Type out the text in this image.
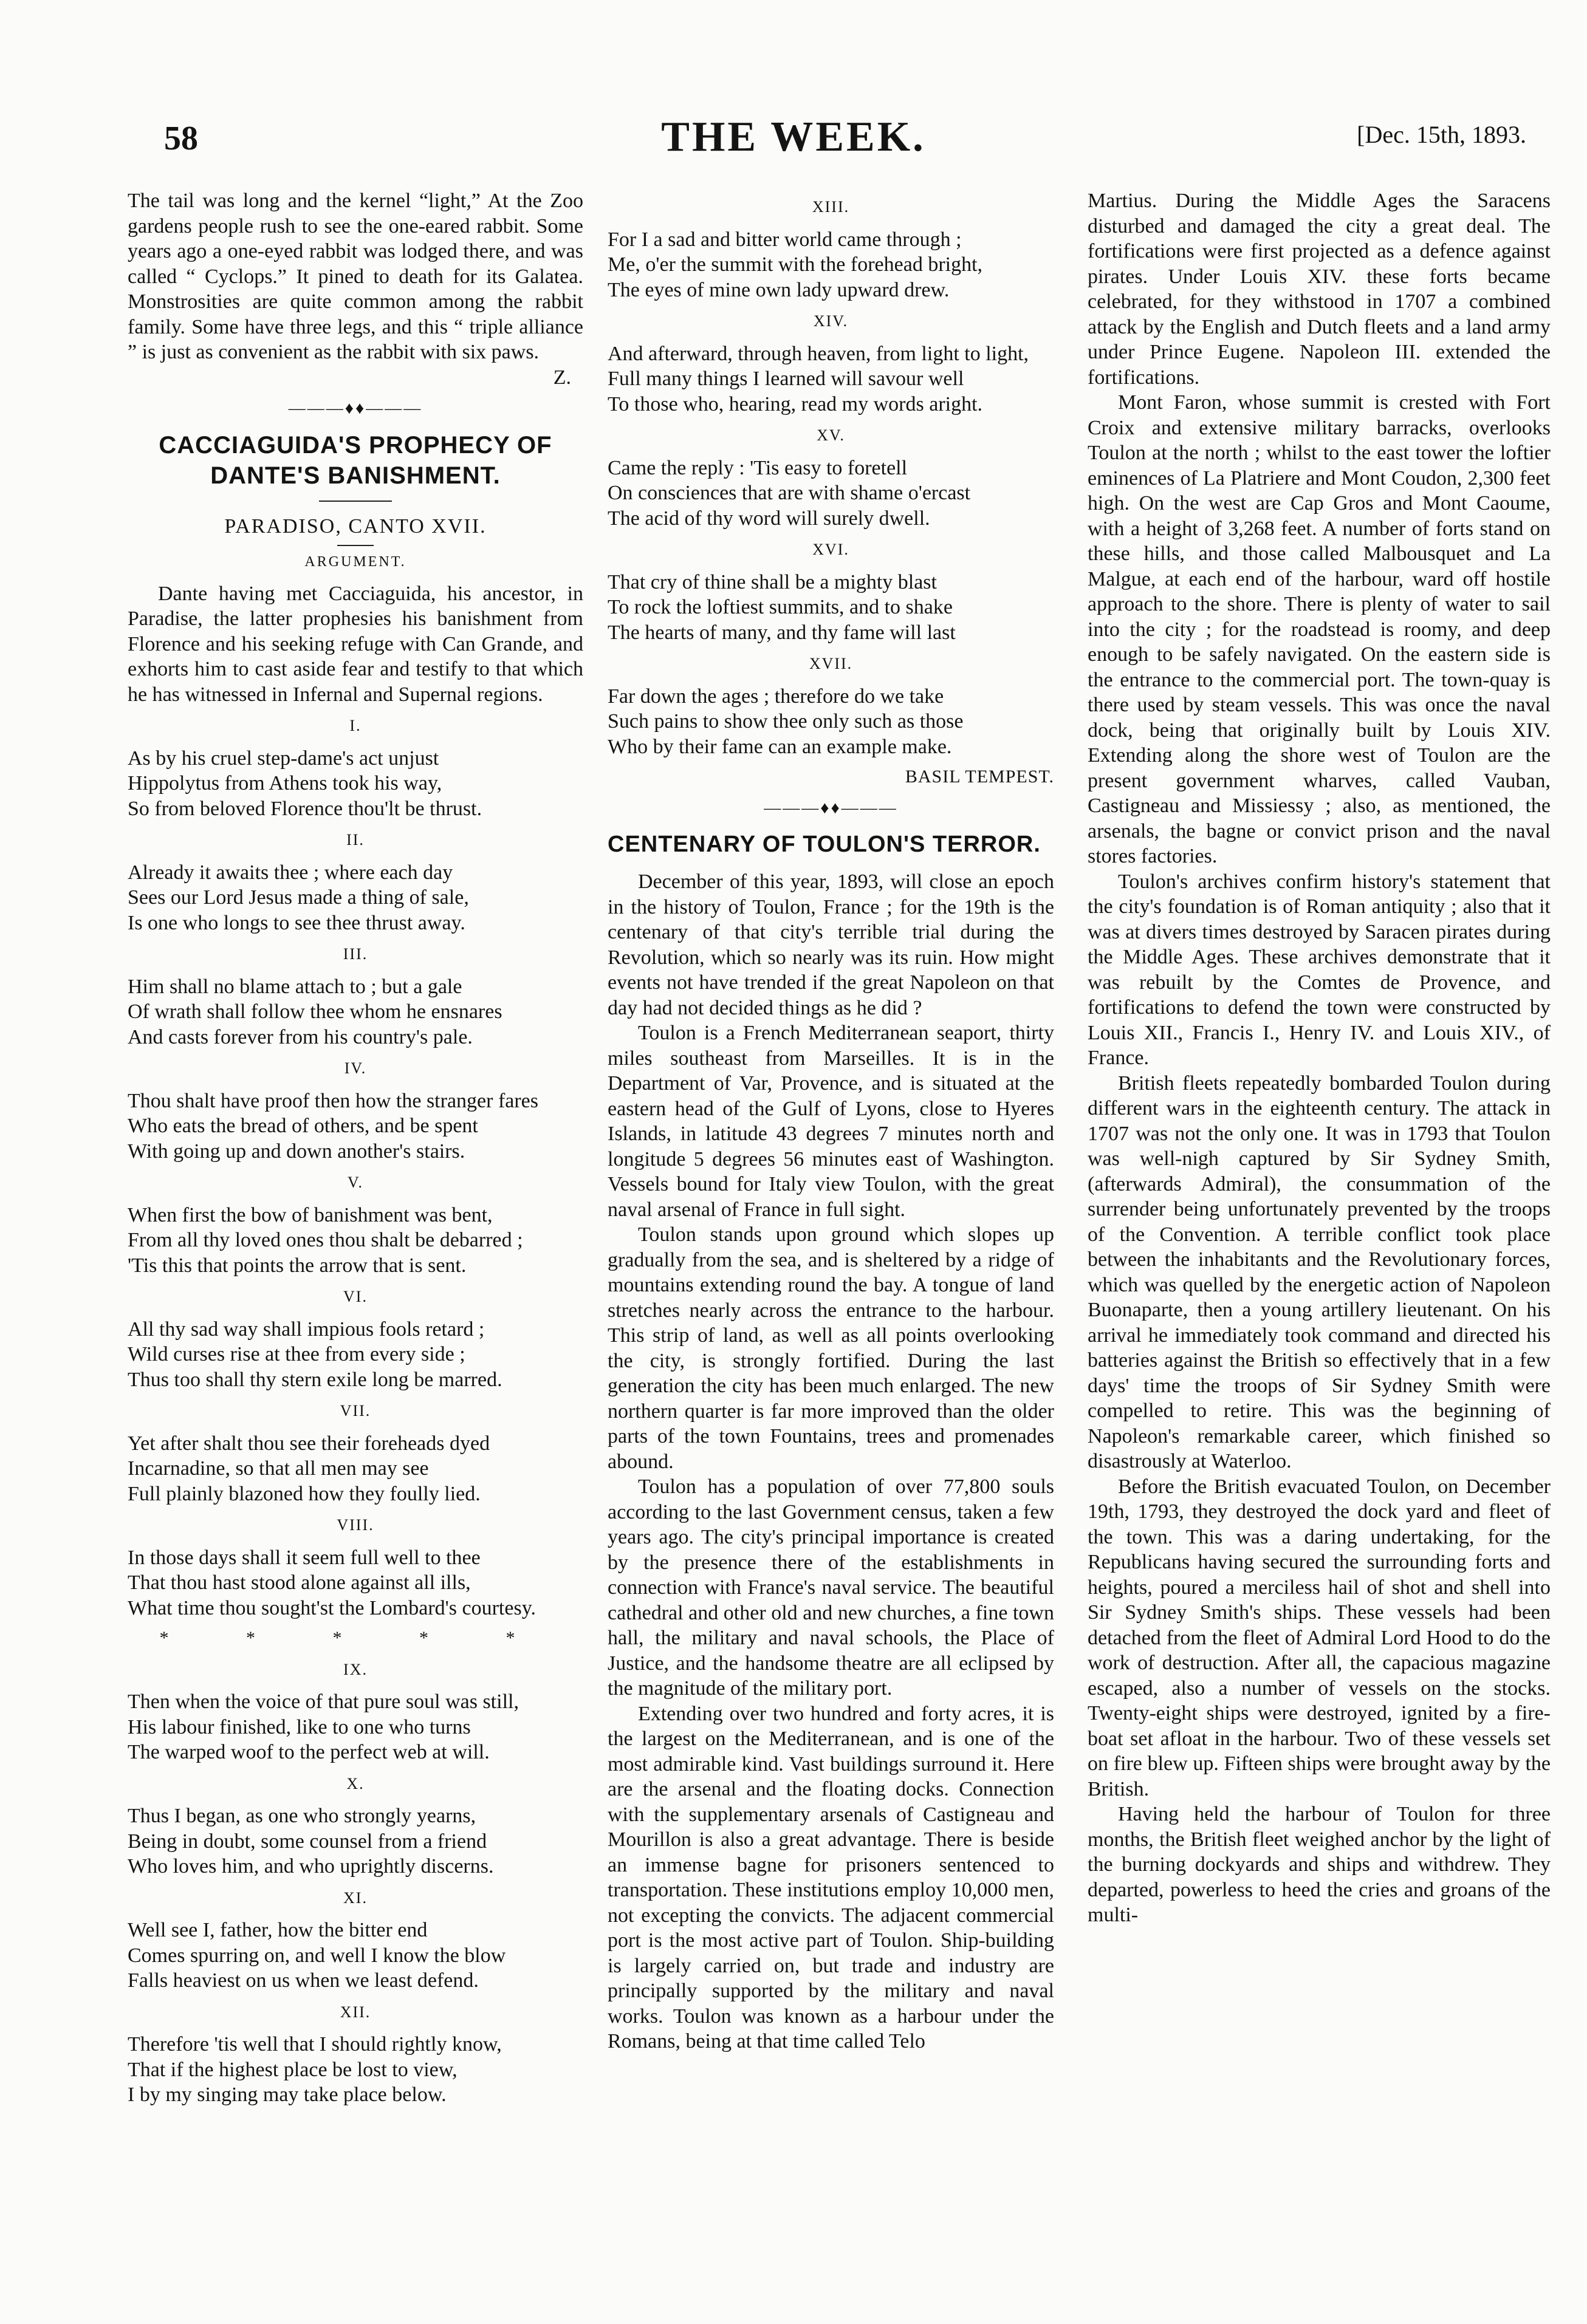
58	THE WEEK.	[Dec. 15th, 1893.

The tail was long and the kernel “light,” At the Zoo gardens people rush to see the one-eared rabbit. Some years ago a one-eyed rabbit was lodged there, and was called “ Cyclops.” It pined to death for its Galatea. Monstrosities are quite common among the rabbit family. Some have three legs, and this “ triple alliance ” is just as convenient as the rabbit with six paws.

Z.
———♦♦———
CACCIAGUIDA'S PROPHECY OF DANTE'S BANISHMENT.
PARADISO, CANTO XVII.
ARGUMENT.

Dante having met Cacciaguida, his ancestor, in Paradise, the latter prophesies his banishment from Florence and his seeking refuge with Can Grande, and exhorts him to cast aside fear and testify to that which he has witnessed in Infernal and Supernal regions.

I.
As by his cruel step-dame's act unjust
Hippolytus from Athens took his way,
So from beloved Florence thou'lt be thrust.
II.
Already it awaits thee ; where each day
Sees our Lord Jesus made a thing of sale,
Is one who longs to see thee thrust away.
III.
Him shall no blame attach to ; but a gale
Of wrath shall follow thee whom he ensnares
And casts forever from his country's pale.
IV.
Thou shalt have proof then how the stranger fares
Who eats the bread of others, and be spent
With going up and down another's stairs.
V.
When first the bow of banishment was bent,
From all thy loved ones thou shalt be debarred ;
'Tis this that points the arrow that is sent.
VI.
All thy sad way shall impious fools retard ;
Wild curses rise at thee from every side ;
Thus too shall thy stern exile long be marred.
VII.
Yet after shalt thou see their foreheads dyed
Incarnadine, so that all men may see
Full plainly blazoned how they foully lied.
VIII.
In those days shall it seem full well to thee
That thou hast stood alone against all ills,
What time thou sought'st the Lombard's courtesy.
* * * * *
IX.
Then when the voice of that pure soul was still,
His labour finished, like to one who turns
The warped woof to the perfect web at will.
X.
Thus I began, as one who strongly yearns,
Being in doubt, some counsel from a friend
Who loves him, and who uprightly discerns.
XI.
Well see I, father, how the bitter end
Comes spurring on, and well I know the blow
Falls heaviest on us when we least defend.
XII.
Therefore 'tis well that I should rightly know,
That if the highest place be lost to view,
I by my singing may take place below.
XIII.
For I a sad and bitter world came through ;
Me, o'er the summit with the forehead bright,
The eyes of mine own lady upward drew.
XIV.
And afterward, through heaven, from light to light,
Full many things I learned will savour well
To those who, hearing, read my words aright.
XV.
Came the reply : 'Tis easy to foretell
On consciences that are with shame o'ercast
The acid of thy word will surely dwell.
XVI.
That cry of thine shall be a mighty blast
To rock the loftiest summits, and to shake
The hearts of many, and thy fame will last
XVII.
Far down the ages ; therefore do we take
Such pains to show thee only such as those
Who by their fame can an example make.
BASIL TEMPEST.
———♦♦———
CENTENARY OF TOULON'S TERROR.

December of this year, 1893, will close an epoch in the history of Toulon, France ; for the 19th is the centenary of that city's terrible trial during the Revolution, which so nearly was its ruin. How might events not have trended if the great Napoleon on that day had not decided things as he did ?

Toulon is a French Mediterranean seaport, thirty miles southeast from Marseilles. It is in the Department of Var, Provence, and is situated at the eastern head of the Gulf of Lyons, close to Hyeres Islands, in latitude 43 degrees 7 minutes north and longitude 5 degrees 56 minutes east of Washington. Vessels bound for Italy view Toulon, with the great naval arsenal of France in full sight.

Toulon stands upon ground which slopes up gradually from the sea, and is sheltered by a ridge of mountains extending round the bay. A tongue of land stretches nearly across the entrance to the harbour. This strip of land, as well as all points overlooking the city, is strongly fortified. During the last generation the city has been much enlarged. The new northern quarter is far more improved than the older parts of the town Fountains, trees and promenades abound.

Toulon has a population of over 77,800 souls according to the last Government census, taken a few years ago. The city's principal importance is created by the presence there of the establishments in connection with France's naval service. The beautiful cathedral and other old and new churches, a fine town hall, the military and naval schools, the Place of Justice, and the handsome theatre are all eclipsed by the magnitude of the military port.

Extending over two hundred and forty acres, it is the largest on the Mediterranean, and is one of the most admirable kind. Vast buildings surround it. Here are the arsenal and the floating docks. Connection with the supplementary arsenals of Castigneau and Mourillon is also a great advantage. There is beside an immense bagne for prisoners sentenced to transportation. These institutions employ 10,000 men, not excepting the convicts. The adjacent commercial port is the most active part of Toulon. Ship-building is largely carried on, but trade and industry are principally supported by the military and naval works. Toulon was known as a harbour under the Romans, being at that time called Telo

Martius. During the Middle Ages the Saracens disturbed and damaged the city a great deal. The fortifications were first projected as a defence against pirates. Under Louis XIV. these forts became celebrated, for they withstood in 1707 a combined attack by the English and Dutch fleets and a land army under Prince Eugene. Napoleon III. extended the fortifications.

Mont Faron, whose summit is crested with Fort Croix and extensive military barracks, overlooks Toulon at the north ; whilst to the east tower the loftier eminences of La Platriere and Mont Coudon, 2,300 feet high. On the west are Cap Gros and Mont Caoume, with a height of 3,268 feet. A number of forts stand on these hills, and those called Malbousquet and La Malgue, at each end of the harbour, ward off hostile approach to the shore. There is plenty of water to sail into the city ; for the roadstead is roomy, and deep enough to be safely navigated. On the eastern side is the entrance to the commercial port. The town-quay is there used by steam vessels. This was once the naval dock, being that originally built by Louis XIV. Extending along the shore west of Toulon are the present government wharves, called Vauban, Castigneau and Missiessy ; also, as mentioned, the arsenals, the bagne or convict prison and the naval stores factories.

Toulon's archives confirm history's statement that the city's foundation is of Roman antiquity ; also that it was at divers times destroyed by Saracen pirates during the Middle Ages. These archives demonstrate that it was rebuilt by the Comtes de Provence, and fortifications to defend the town were constructed by Louis XII., Francis I., Henry IV. and Louis XIV., of France.

British fleets repeatedly bombarded Toulon during different wars in the eighteenth century. The attack in 1707 was not the only one. It was in 1793 that Toulon was well-nigh captured by Sir Sydney Smith, (afterwards Admiral), the consummation of the surrender being unfortunately prevented by the troops of the Convention. A terrible conflict took place between the inhabitants and the Revolutionary forces, which was quelled by the energetic action of Napoleon Buonaparte, then a young artillery lieutenant. On his arrival he immediately took command and directed his batteries against the British so effectively that in a few days' time the troops of Sir Sydney Smith were compelled to retire. This was the beginning of Napoleon's remarkable career, which finished so disastrously at Waterloo.

Before the British evacuated Toulon, on December 19th, 1793, they destroyed the dock yard and fleet of the town. This was a daring undertaking, for the Republicans having secured the surrounding forts and heights, poured a merciless hail of shot and shell into Sir Sydney Smith's ships. These vessels had been detached from the fleet of Admiral Lord Hood to do the work of destruction. After all, the capacious magazine escaped, also a number of vessels on the stocks. Twenty-eight ships were destroyed, ignited by a fire-boat set afloat in the harbour. Two of these vessels set on fire blew up. Fifteen ships were brought away by the British.

Having held the harbour of Toulon for three months, the British fleet weighed anchor by the light of the burning dockyards and ships and withdrew. They departed, powerless to heed the cries and groans of the multi-
